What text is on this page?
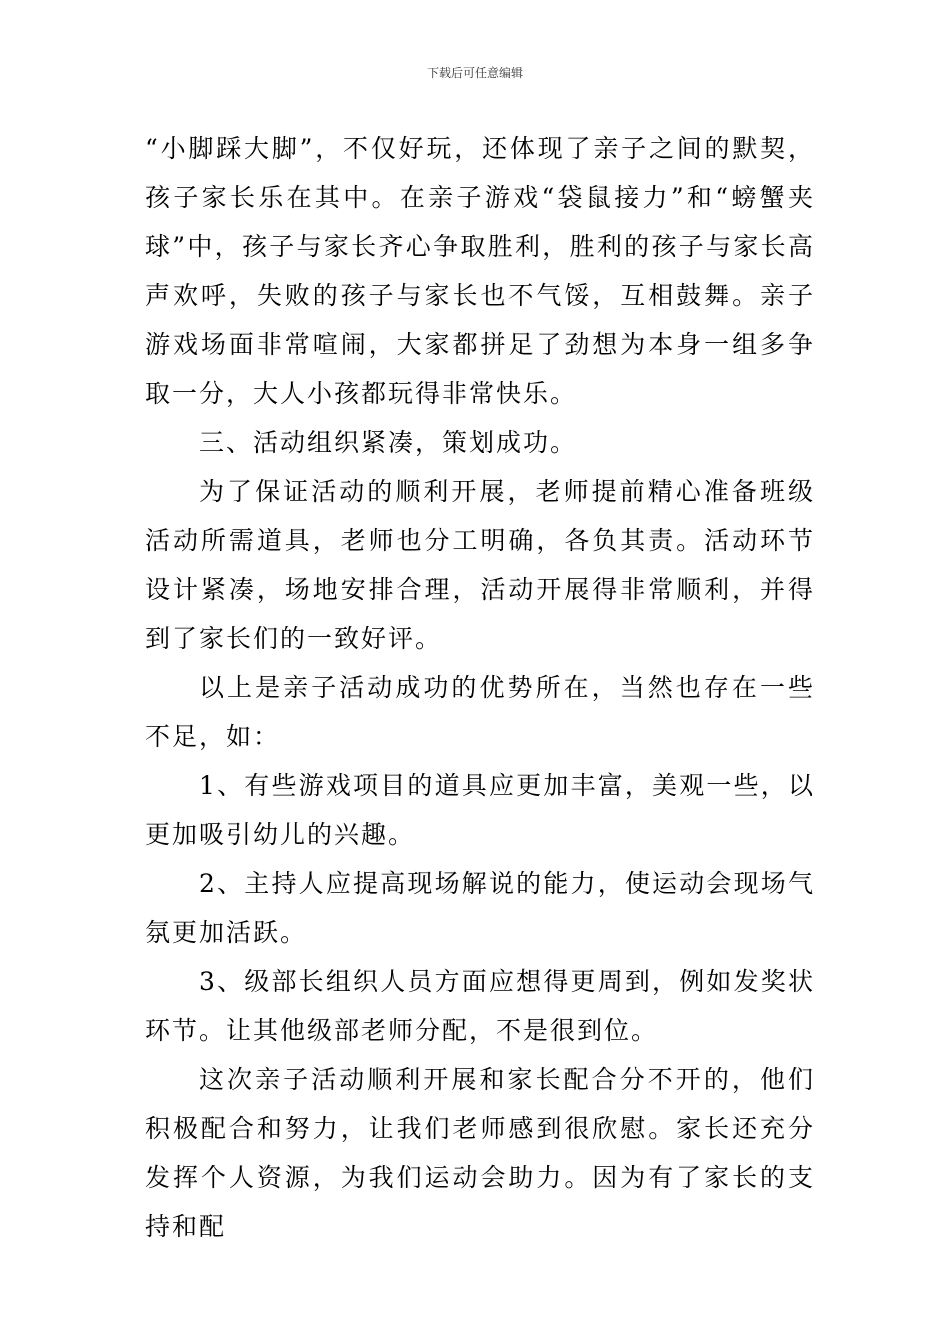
下载后可任意编辑

“小脚踩大脚”，不仅好玩，还体现了亲子之间的默契，孩子家长乐在其中。在亲子游戏“袋鼠接力”和“螃蟹夹球”中，孩子与家长齐心争取胜利，胜利的孩子与家长高声欢呼，失败的孩子与家长也不气馁，互相鼓舞。亲子游戏场面非常喧闹，大家都拼足了劲想为本身一组多争取一分，大人小孩都玩得非常快乐。

三、活动组织紧凑，策划成功。

为了保证活动的顺利开展，老师提前精心准备班级活动所需道具，老师也分工明确，各负其责。活动环节设计紧凑，场地安排合理，活动开展得非常顺利，并得到了家长们的一致好评。

以上是亲子活动成功的优势所在，当然也存在一些不足，如：

1、有些游戏项目的道具应更加丰富，美观一些，以更加吸引幼儿的兴趣。

2、主持人应提高现场解说的能力，使运动会现场气氛更加活跃。

3、级部长组织人员方面应想得更周到，例如发奖状环节。让其他级部老师分配，不是很到位。

这次亲子活动顺利开展和家长配合分不开的，他们积极配合和努力，让我们老师感到很欣慰。家长还充分发挥个人资源，为我们运动会助力。因为有了家长的支持和配
